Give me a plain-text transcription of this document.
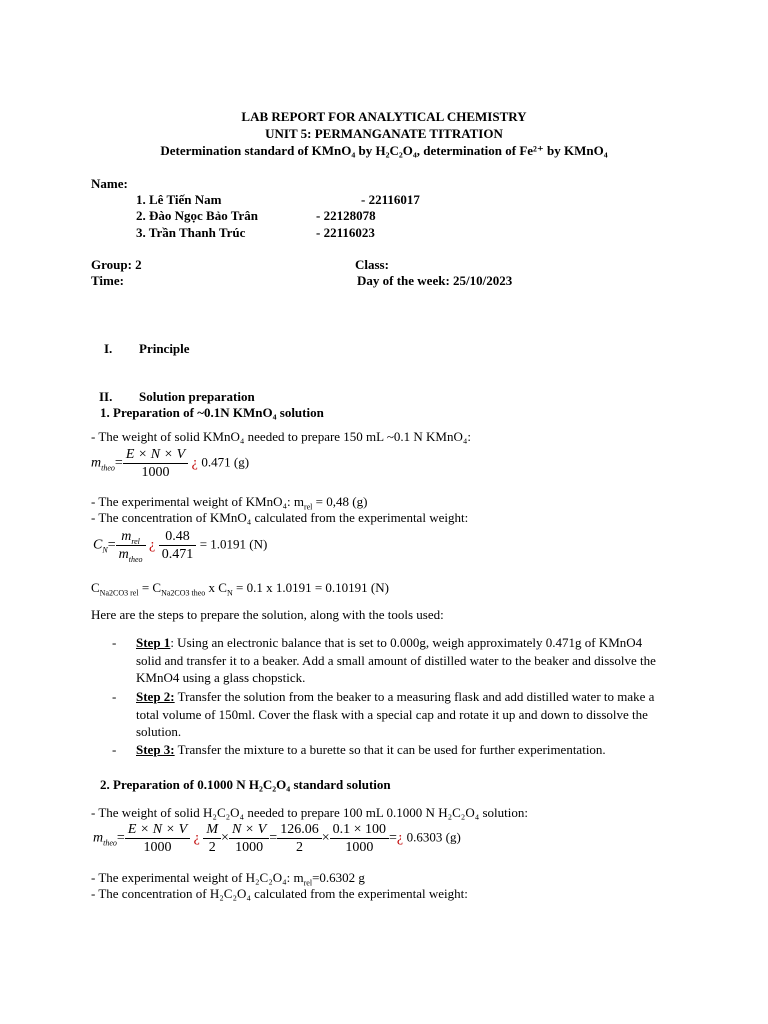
LAB REPORT FOR ANALYTICAL CHEMISTRY
UNIT 5: PERMANGANATE TITRATION
Determination standard of KMnO₄ by H₂C₂O₄, determination of Fe²⁺ by KMnO₄
Name:
1. Lê Tiến Nam	- 22116017
2. Đào Ngọc Bảo Trân	- 22128078
3. Trần Thanh Trúc	- 22116023
Group: 2	Class:
Time:	Day of the week: 25/10/2023
I. Principle
II. Solution preparation
1. Preparation of ~0.1N KMnO₄ solution
- The weight of solid KMnO₄ needed to prepare 150 mL ~0.1 N KMnO₄:
$m_{theo}= \frac{E \times N \times V}{1000}$ ¿ 0.471 (g)
- The experimental weight of KMnO₄: $m_{rel} = 0,48$ (g)
- The concentration of KMnO₄ calculated from the experimental weight:
$C_N= \frac{m_{rel}}{m_{theo}}$ ¿ $\frac{0.48}{0.471} = 1.0191$ (N)
$C_{Na2CO3 rel} = C_{Na2CO3 theo}$ x $C_N = 0.1$ x 1.0191 = 0.10191 (N)
Here are the steps to prepare the solution, along with the tools used:
- Step 1: Using an electronic balance that is set to 0.000g, weigh approximately 0.471g of KMnO4 solid and transfer it to a beaker. Add a small amount of distilled water to the beaker and dissolve the KMnO4 using a glass chopstick.
- Step 2: Transfer the solution from the beaker to a measuring flask and add distilled water to make a total volume of 150ml. Cover the flask with a special cap and rotate it up and down to dissolve the solution.
- Step 3: Transfer the mixture to a burette so that it can be used for further experimentation.
2. Preparation of 0.1000 N H₂C₂O₄ standard solution
- The weight of solid H₂C₂O₄ needed to prepare 100 mL 0.1000 N H₂C₂O₄ solution:
$m_{theo}= \frac{E \times N \times V}{1000}$ ¿ $\frac{M}{2} \times \frac{N \times V}{1000} = \frac{126.06}{2} \times \frac{0.1 \times 100}{1000}$ =¿ 0.6303 (g)
- The experimental weight of H₂C₂O₄: $m_{rel}=0.6302$ g
- The concentration of H₂C₂O₄ calculated from the experimental weight:
